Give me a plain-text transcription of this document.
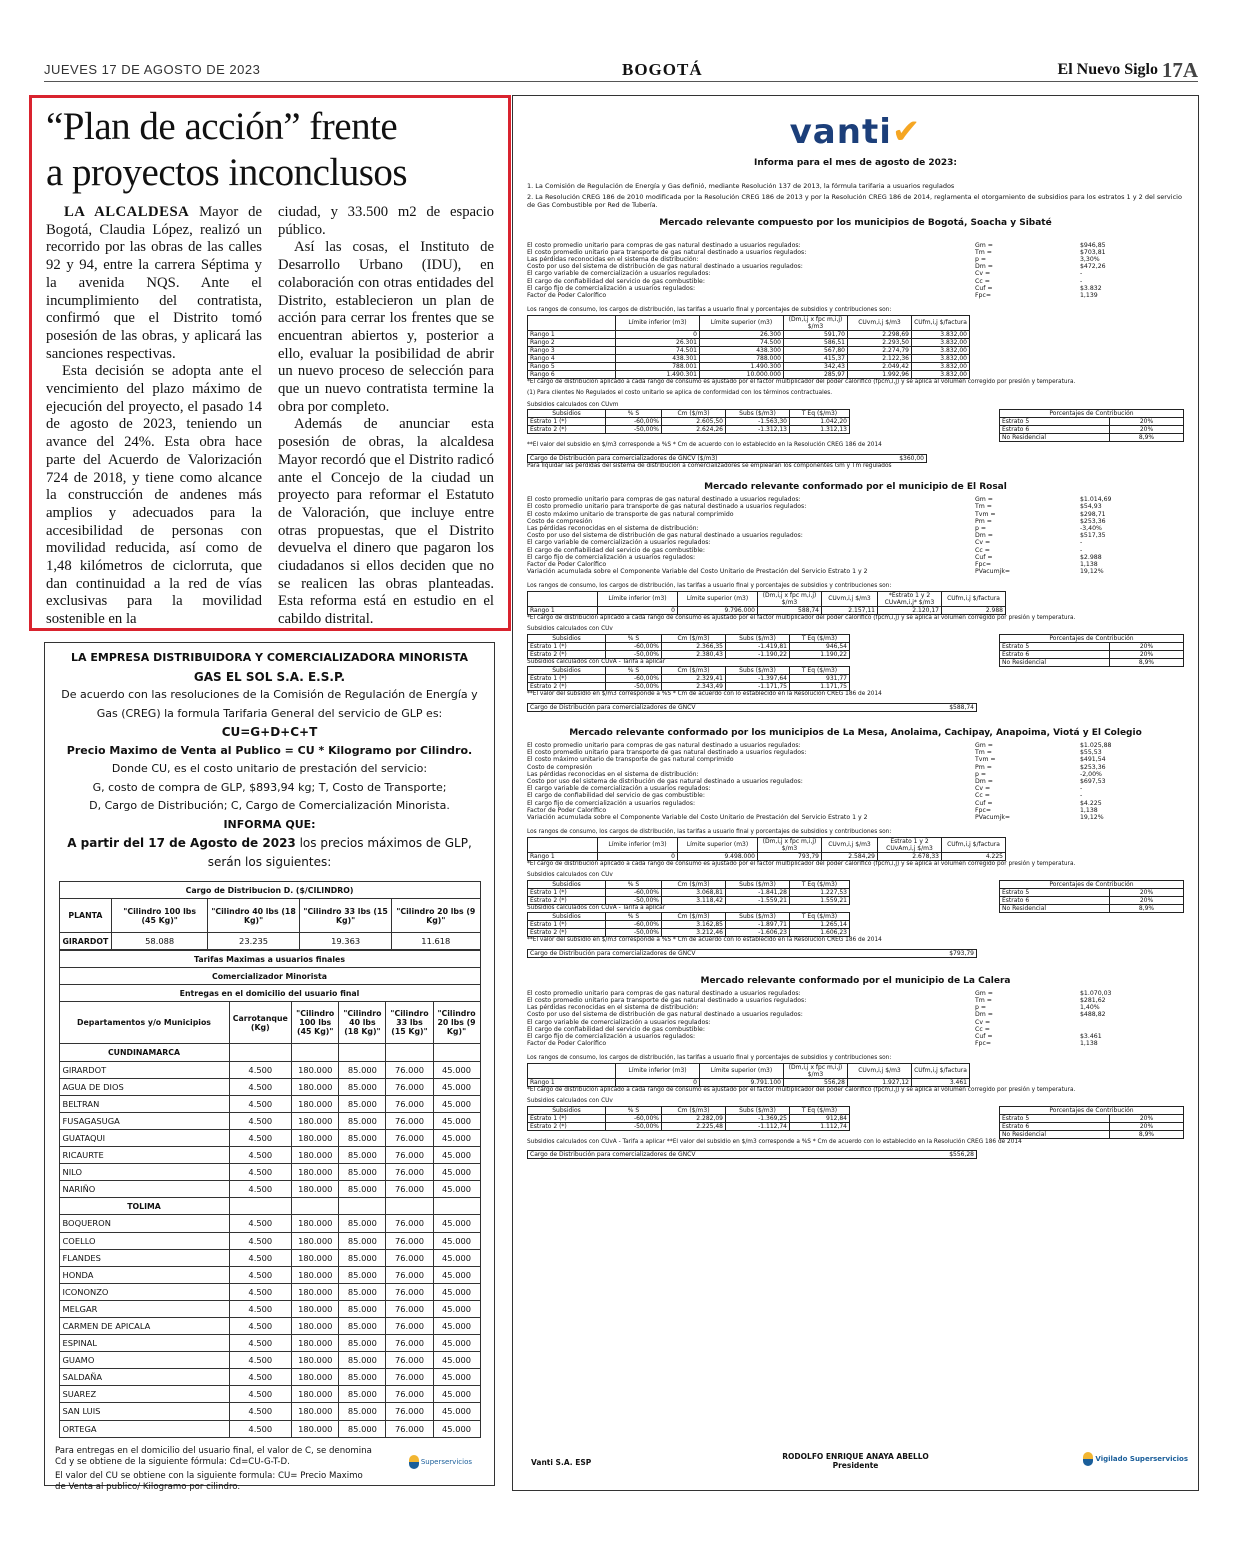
JUEVES 17 DE AGOSTO DE 2023	BOGOTÁ	El Nuevo Siglo 17A
“Plan de acción” frente
a proyectos inconclusos

LA ALCALDESA Mayor de Bogotá, Claudia López, realizó un recorrido por las obras de las calles 92 y 94, entre la carrera Séptima y la avenida NQS. Ante el incumplimiento del contratista, confirmó que el Distrito tomó posesión de las obras, y aplicará las sanciones respectivas.

Esta decisión se adopta ante el vencimiento del plazo máximo de ejecución del proyecto, el pasado 14 de agosto de 2023, teniendo un avance del 24%. Esta obra hace parte del Acuerdo de Valorización 724 de 2018, y tiene como alcance la construcción de andenes más amplios y adecuados para la accesibilidad de personas con movilidad reducida, así como de 1,48 kilómetros de ciclorruta, que dan continuidad a la red de vías exclusivas para la movilidad sostenible en la

ciudad, y 33.500 m2 de espacio público.

Así las cosas, el Instituto de Desarrollo Urbano (IDU), en colaboración con otras entidades del Distrito, establecieron un plan de acción para cerrar los frentes que se encuentran abiertos y, posterior a ello, evaluar la posibilidad de abrir un nuevo proceso de selección para que un nuevo contratista termine la obra por completo.

Además de anunciar esta posesión de obras, la alcaldesa Mayor recordó que el Distrito radicó ante el Concejo de la ciudad un proyecto para reformar el Estatuto de Valoración, que incluye entre otras propuestas, que el Distrito devuelva el dinero que pagaron los ciudadanos si ellos deciden que no se realicen las obras planteadas. Esta reforma está en estudio en el cabildo distrital.

LA EMPRESA DISTRIBUIDORA Y COMERCIALIZADORA MINORISTA
GAS EL SOL S.A. E.S.P.
De acuerdo con las resoluciones de la Comisión de Regulación de Energía y Gas (CREG) la formula Tarifaria General del servicio de GLP es:
CU=G+D+C+T
Precio Maximo de Venta al Publico = CU * Kilogramo por Cilindro.
Donde CU, es el costo unitario de prestación del servicio:
G, costo de compra de GLP, $893,94 kg; T, Costo de Transporte;
D, Cargo de Distribución; C, Cargo de Comercialización Minorista.
INFORMA QUE:
A partir del 17 de Agosto de 2023 los precios máximos de GLP, serán los siguientes:
Cargo de Distribucion D. ($/CILINDRO)				
PLANTA	"Cilindro 100 lbs (45 Kg)"	"Cilindro 40 lbs (18 Kg)"	"Cilindro 33 lbs (15 Kg)"	"Cilindro 20 lbs (9 Kg)"
GIRARDOT	58.088	23.235	19.363	11.618
Tarifas Maximas a usuarios finales					
Comercializador Minorista					
Entregas en el domicilio del usuario final					
Departamentos y/o Municipios	Carrotanque (Kg)	"Cilindro 100 lbs (45 Kg)"	"Cilindro 40 lbs (18 Kg)"	"Cilindro 33 lbs (15 Kg)"	"Cilindro 20 lbs (9 Kg)"
CUNDINAMARCA					
GIRARDOT	4.500	180.000	85.000	76.000	45.000
AGUA DE DIOS	4.500	180.000	85.000	76.000	45.000
BELTRAN	4.500	180.000	85.000	76.000	45.000
FUSAGASUGA	4.500	180.000	85.000	76.000	45.000
GUATAQUI	4.500	180.000	85.000	76.000	45.000
RICAURTE	4.500	180.000	85.000	76.000	45.000
NILO	4.500	180.000	85.000	76.000	45.000
NARIÑO	4.500	180.000	85.000	76.000	45.000
TOLIMA					
BOQUERON	4.500	180.000	85.000	76.000	45.000
COELLO	4.500	180.000	85.000	76.000	45.000
FLANDES	4.500	180.000	85.000	76.000	45.000
HONDA	4.500	180.000	85.000	76.000	45.000
ICONONZO	4.500	180.000	85.000	76.000	45.000
MELGAR	4.500	180.000	85.000	76.000	45.000
CARMEN DE APICALA	4.500	180.000	85.000	76.000	45.000
ESPINAL	4.500	180.000	85.000	76.000	45.000
GUAMO	4.500	180.000	85.000	76.000	45.000
SALDAÑA	4.500	180.000	85.000	76.000	45.000
SUAREZ	4.500	180.000	85.000	76.000	45.000
SAN LUIS	4.500	180.000	85.000	76.000	45.000
ORTEGA	4.500	180.000	85.000	76.000	45.000
Para entregas en el domicilio del usuario final, el valor de C, se denomina Cd y se obtiene de la siguiente fórmula: Cd=CU-G-T-D.
El valor del CU se obtiene con la siguiente formula: CU= Precio Maximo de Venta al publico/ Kilogramo por cilindro.
Superservicios
vanti✔
Informa para el mes de agosto de 2023:
1. La Comisión de Regulación de Energía y Gas definió, mediante Resolución 137 de 2013, la fórmula tarifaria a usuarios regulados
2. La Resolución CREG 186 de 2010 modificada por la Resolución CREG 186 de 2013 y por la Resolución CREG 186 de 2014, reglamenta el otorgamiento de subsidios para los estratos 1 y 2 del servicio de Gas Combustible por Red de Tubería.
Mercado relevante compuesto por los municipios de Bogotá, Soacha y Sibaté
El costo promedio unitario para compras de gas natural destinado a usuarios regulados:	Gm =	$946,85
El costo promedio unitario para transporte de gas natural destinado a usuarios regulados:	Tm =	$703,81
Las pérdidas reconocidas en el sistema de distribución:	p =	3,30%
Costo por uso del sistema de distribución de gas natural destinado a usuarios regulados:	Dm =	$472,26
El cargo variable de comercialización a usuarios regulados:	Cv =	-
El cargo de confiabilidad del servicio de gas combustible:	Cc =	-
El cargo fijo de comercialización a usuarios regulados:	Cuf =	$3.832
Factor de Poder Calorífico	Fpc=	1,139
Los rangos de consumo, los cargos de distribución, las tarifas a usuario final y porcentajes de subsidios y contribuciones son:
	Límite inferior (m3)	Límite superior (m3)	(Dm,i,j x fpc m,i,j) $/m3	CUvm,i,j $/m3	CUfm,i,j $/factura
Rango 1	0	26.300	591,70	2.298,69	3.832,00
Rango 2	26.301	74.500	586,51	2.293,50	3.832,00
Rango 3	74.501	438.300	567,80	2.274,79	3.832,00
Rango 4	438.301	788.000	415,37	2.122,36	3.832,00
Rango 5	788.001	1.490.300	342,43	2.049,42	3.832,00
Rango 6	1.490.301	10.000.000	285,97	1.992,96	3.832,00
*El cargo de distribución aplicado a cada rango de consumo es ajustado por el factor multiplicador del poder calorífico (fpcm,i,j) y se aplica al volumen corregido por presión y temperatura.
(1) Para clientes No Regulados el costo unitario se aplica de conformidad con los términos contractuales.
Subsidios calculados con CUvm
Subsidios	% S	Cm ($/m3)	Subs ($/m3)	T Eq ($/m3)
Estrato 1 (*)	-60,00%	2.605,50	-1.563,30	1.042,20
Estrato 2 (*)	-50,00%	2.624,26	-1.312,13	1.312,13
Porcentajes de Contribución	
Estrato 5	20%
Estrato 6	20%
No Residencial	8,9%
**El valor del subsidio en $/m3 corresponde a %S * Cm de acuerdo con lo establecido en la Resolución CREG 186 de 2014
Cargo de Distribución para comercializadores de GNCV ($/m3)	$360,00
Para liquidar las pérdidas del sistema de distribución a comercializadores se emplearán los componentes Gm y Tm regulados
Mercado relevante conformado por el municipio de El Rosal
El costo promedio unitario para compras de gas natural destinado a usuarios regulados:	Gm =	$1.014,69
El costo promedio unitario para transporte de gas natural destinado a usuarios regulados:	Tm =	$54,93
El costo máximo unitario de transporte de gas natural comprimido	Tvm =	$298,71
Costo de compresión	Pm =	$253,36
Las pérdidas reconocidas en el sistema de distribución:	p =	-3,40%
Costo por uso del sistema de distribución de gas natural destinado a usuarios regulados:	Dm =	$517,35
El cargo variable de comercialización a usuarios regulados:	Cv =	-
El cargo de confiabilidad del servicio de gas combustible:	Cc =	-
El cargo fijo de comercialización a usuarios regulados:	Cuf =	$2.988
Factor de Poder Calorífico	Fpc=	1,138
Variación acumulada sobre el Componente Variable del Costo Unitario de Prestación del Servicio Estrato 1 y 2	PVacumjk=	19,12%
Los rangos de consumo, los cargos de distribución, las tarifas a usuario final y porcentajes de subsidios y contribuciones son:
	Límite inferior (m3)	Límite superior (m3)	(Dm,i,j x fpc m,i,j) $/m3	CUvm,i,j $/m3	*Estrato 1 y 2 CUvAm,i,j* $/m3	CUfm,i,j $/factura
Rango 1	0	9.796.000	588,74	2.157,11	2.120,17	2.988
*El cargo de distribución aplicado a cada rango de consumo es ajustado por el factor multiplicador del poder calorífico (fpcm,i,j) y se aplica al volumen corregido por presión y temperatura.
Subsidios calculados con CUv
Subsidios	% S	Cm ($/m3)	Subs ($/m3)	T Eq ($/m3)
Estrato 1 (*)	-60,00%	2.366,35	-1.419,81	946,54
Estrato 2 (*)	-50,00%	2.380,43	-1.190,22	1.190,22
Subsidios calculados con CUvA - Tarifa a aplicar
Subsidios	% S	Cm ($/m3)	Subs ($/m3)	T Eq ($/m3)
Estrato 1 (*)	-60,00%	2.329,41	-1.397,64	931,77
Estrato 2 (*)	-50,00%	2.343,49	-1.171,75	1.171,75
Porcentajes de Contribución	
Estrato 5	20%
Estrato 6	20%
No Residencial	8,9%
**El valor del subsidio en $/m3 corresponde a %S * Cm de acuerdo con lo establecido en la Resolución CREG 186 de 2014
Cargo de Distribución para comercializadores de GNCV	$588,74
Mercado relevante conformado por los municipios de La Mesa, Anolaima, Cachipay, Anapoima, Viotá y El Colegio
El costo promedio unitario para compras de gas natural destinado a usuarios regulados:	Gm =	$1.025,88
El costo promedio unitario para transporte de gas natural destinado a usuarios regulados:	Tm =	$55,53
El costo máximo unitario de transporte de gas natural comprimido	Tvm =	$491,54
Costo de compresión	Pm =	$253,36
Las pérdidas reconocidas en el sistema de distribución:	p =	-2,00%
Costo por uso del sistema de distribución de gas natural destinado a usuarios regulados:	Dm =	$697,53
El cargo variable de comercialización a usuarios regulados:	Cv =	-
El cargo de confiabilidad del servicio de gas combustible:	Cc =	-
El cargo fijo de comercialización a usuarios regulados:	Cuf =	$4.225
Factor de Poder Calorífico	Fpc=	1,138
Variación acumulada sobre el Componente Variable del Costo Unitario de Prestación del Servicio Estrato 1 y 2	PVacumjk=	19,12%
Los rangos de consumo, los cargos de distribución, las tarifas a usuario final y porcentajes de subsidios y contribuciones son:
	Límite inferior (m3)	Límite superior (m3)	(Dm,i,j x fpc m,i,j) $/m3	CUvm,i,j $/m3	Estrato 1 y 2 CUvAm,i,j $/m3	CUfm,i,j $/factura
Rango 1	0	9.498.000	793,79	2.584,29	2.678,33	4.225
*El cargo de distribución aplicado a cada rango de consumo es ajustado por el factor multiplicador del poder calorífico (fpcm,i,j) y se aplica al volumen corregido por presión y temperatura.
Subsidios calculados con CUv
Subsidios	% S	Cm ($/m3)	Subs ($/m3)	T Eq ($/m3)
Estrato 1 (*)	-60,00%	3.068,81	-1.841,28	1.227,53
Estrato 2 (*)	-50,00%	3.118,42	-1.559,21	1.559,21
Subsidios calculados con CUvA - Tarifa a aplicar
Subsidios	% S	Cm ($/m3)	Subs ($/m3)	T Eq ($/m3)
Estrato 1 (*)	-60,00%	3.162,85	-1.897,71	1.265,14
Estrato 2 (*)	-50,00%	3.212,46	-1.606,23	1.606,23
Porcentajes de Contribución	
Estrato 5	20%
Estrato 6	20%
No Residencial	8,9%
**El valor del subsidio en $/m3 corresponde a %S * Cm de acuerdo con lo establecido en la Resolución CREG 186 de 2014
Cargo de Distribución para comercializadores de GNCV	$793,79
Mercado relevante conformado por el municipio de La Calera
El costo promedio unitario para compras de gas natural destinado a usuarios regulados:	Gm =	$1.070,03
El costo promedio unitario para transporte de gas natural destinado a usuarios regulados:	Tm =	$281,62
Las pérdidas reconocidas en el sistema de distribución:	p =	1,40%
Costo por uso del sistema de distribución de gas natural destinado a usuarios regulados:	Dm =	$488,82
El cargo variable de comercialización a usuarios regulados:	Cv =
El cargo de confiabilidad del servicio de gas combustible:	Cc =
El cargo fijo de comercialización a usuarios regulados:	Cuf =	$3.461
Factor de Poder Calorífico	Fpc=	1,138
Los rangos de consumo, los cargos de distribución, las tarifas a usuario final y porcentajes de subsidios y contribuciones son:
	Límite inferior (m3)	Límite superior (m3)	(Dm,i,j x fpc m,i,j) $/m3	CUvm,i,j $/m3	CUfm,i,j $/factura
Rango 1	0	9.791.100	556,28	1.927,12	3.461
*El cargo de distribución aplicado a cada rango de consumo es ajustado por el factor multiplicador del poder calorífico (fpcm,i,j) y se aplica al volumen corregido por presión y temperatura.
Subsidios calculados con CUv
Subsidios	% S	Cm ($/m3)	Subs ($/m3)	T Eq ($/m3)
Estrato 1 (*)	-60,00%	2.282,09	-1.369,25	912,84
Estrato 2 (*)	-50,00%	2.225,48	-1.112,74	1.112,74
Porcentajes de Contribución	
Estrato 5	20%
Estrato 6	20%
No Residencial	8,9%
Subsidios calculados con CUvA - Tarifa a aplicar **El valor del subsidio en $/m3 corresponde a %S * Cm de acuerdo con lo establecido en la Resolución CREG 186 de 2014
Cargo de Distribución para comercializadores de GNCV	$556,28
Vanti S.A. ESP
RODOLFO ENRIQUE ANAYA ABELLO
Presidente
Vigilado Superservicios
